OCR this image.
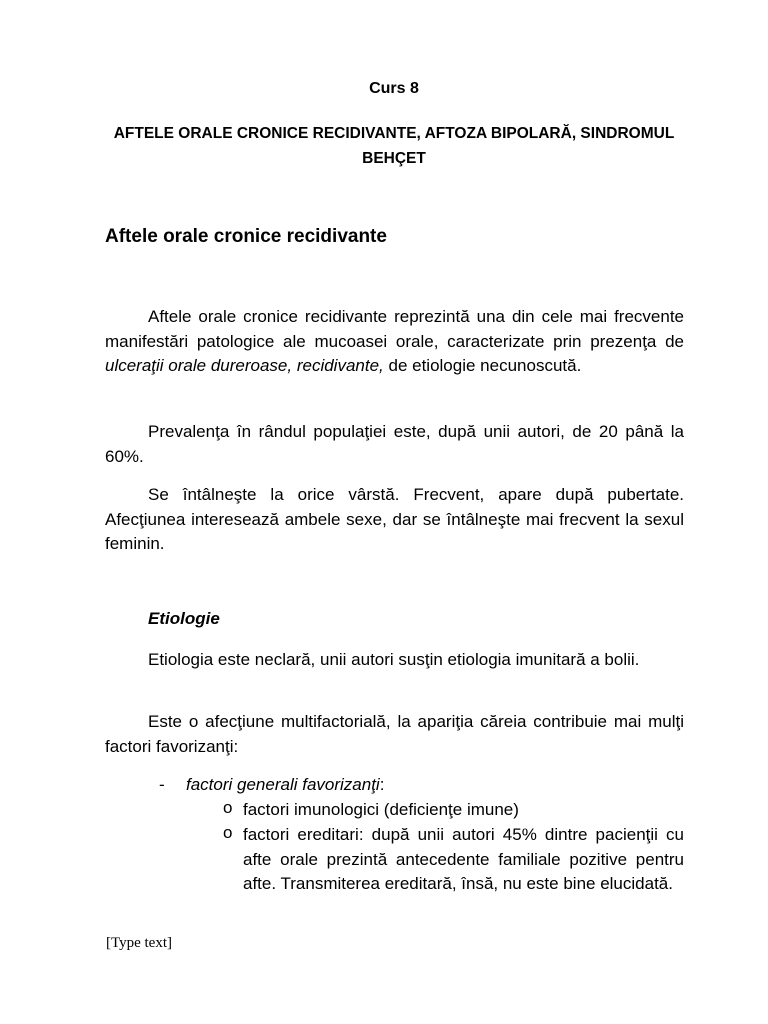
Curs 8
AFTELE ORALE CRONICE RECIDIVANTE, AFTOZA BIPOLARĂ, SINDROMUL BEHÇET
Aftele orale cronice recidivante

Aftele orale cronice recidivante reprezintă una din cele mai frecvente manifestări patologice ale mucoasei orale, caracterizate prin prezenţa de ulceraţii orale dureroase, recidivante, de etiologie necunoscută.

Prevalenţa în rândul populaţiei este, după unii autori, de 20 până la 60%.

Se întâlneşte la orice vârstă. Frecvent, apare după pubertate. Afecţiunea interesează ambele sexe, dar se întâlneşte mai frecvent la sexul feminin.

Etiologie

Etiologia este neclară, unii autori susţin etiologia imunitară a bolii.

Este o afecţiune multifactorială, la apariţia căreia contribuie mai mulţi factori favorizanţi:

- factori generali favorizanţi:
o factori imunologici (deficienţe imune)

o factori ereditari: după unii autori 45% dintre pacienţii cu afte orale prezintă antecedente familiale pozitive pentru afte. Transmiterea ereditară, însă, nu este bine elucidată.

[Type text]
